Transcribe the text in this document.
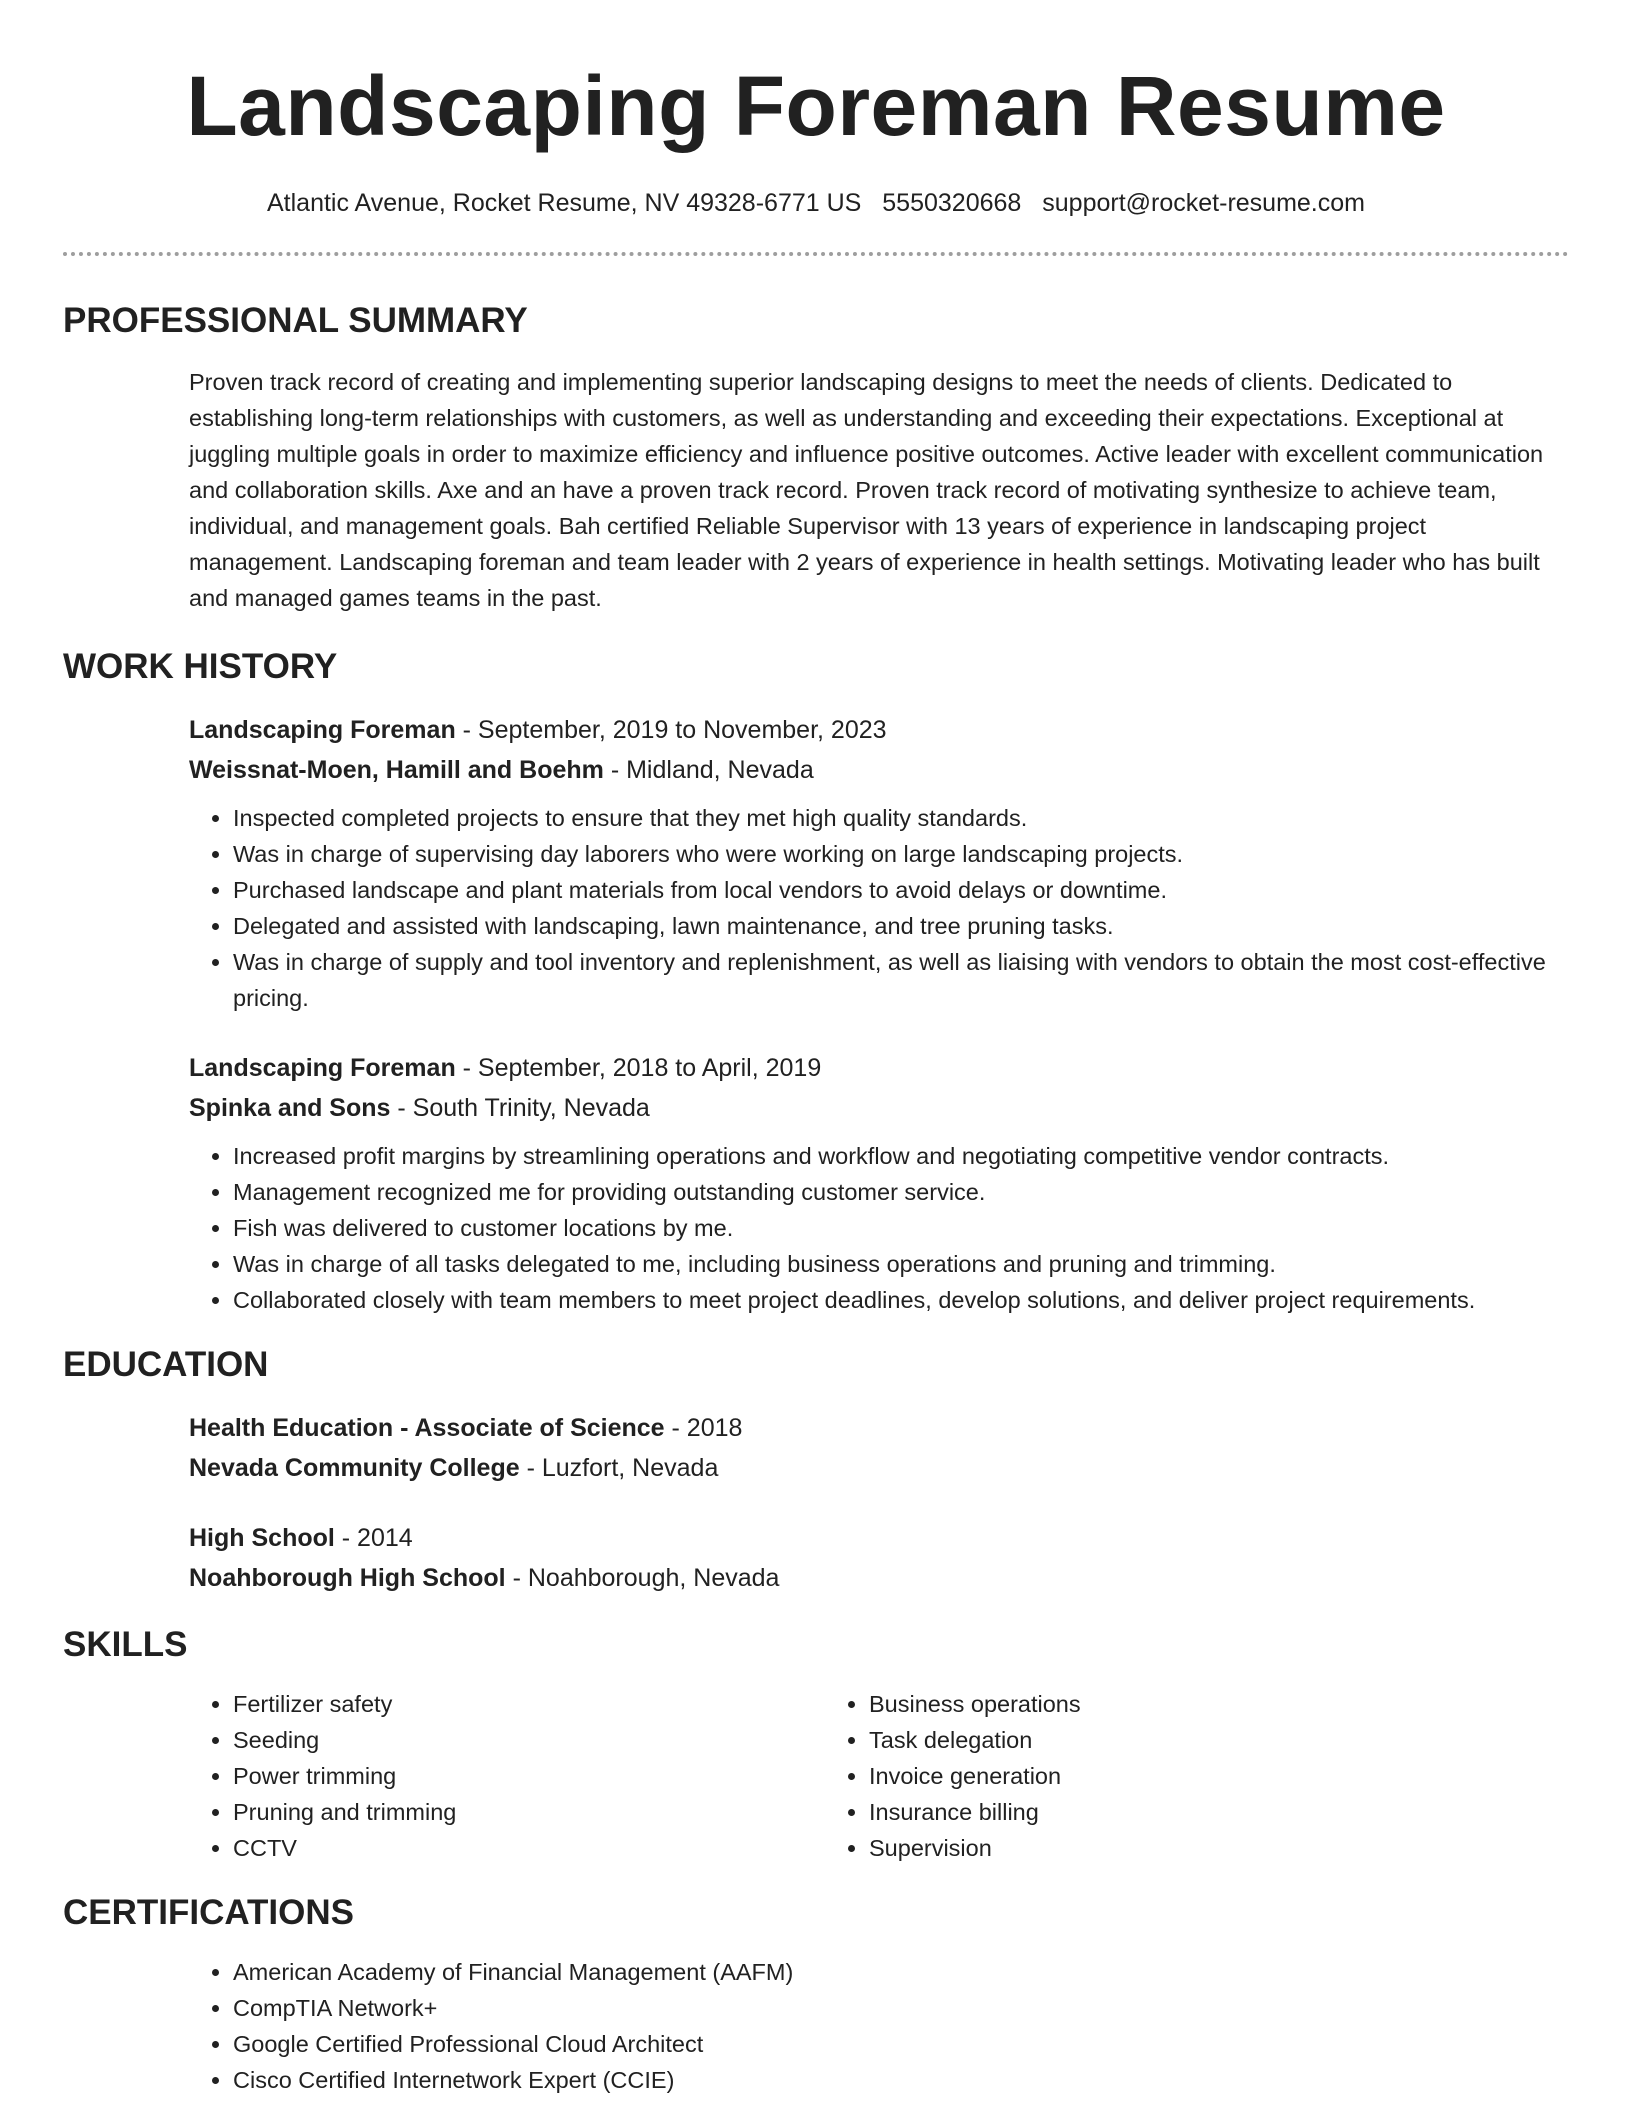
Landscaping Foreman Resume
Atlantic Avenue, Rocket Resume, NV 49328-6771 US 5550320668 support@rocket-resume.com
PROFESSIONAL SUMMARY
Proven track record of creating and implementing superior landscaping designs to meet the needs of clients. Dedicated to establishing long-term relationships with customers, as well as understanding and exceeding their expectations. Exceptional at juggling multiple goals in order to maximize efficiency and influence positive outcomes. Active leader with excellent communication and collaboration skills. Axe and an have a proven track record. Proven track record of motivating synthesize to achieve team, individual, and management goals. Bah certified Reliable Supervisor with 13 years of experience in landscaping project management. Landscaping foreman and team leader with 2 years of experience in health settings. Motivating leader who has built and managed games teams in the past.
WORK HISTORY
Landscaping Foreman - September, 2019 to November, 2023
Weissnat-Moen, Hamill and Boehm - Midland, Nevada
• Inspected completed projects to ensure that they met high quality standards.
• Was in charge of supervising day laborers who were working on large landscaping projects.
• Purchased landscape and plant materials from local vendors to avoid delays or downtime.
• Delegated and assisted with landscaping, lawn maintenance, and tree pruning tasks.
• Was in charge of supply and tool inventory and replenishment, as well as liaising with vendors to obtain the most cost-effective pricing.
Landscaping Foreman - September, 2018 to April, 2019
Spinka and Sons - South Trinity, Nevada
• Increased profit margins by streamlining operations and workflow and negotiating competitive vendor contracts.
• Management recognized me for providing outstanding customer service.
• Fish was delivered to customer locations by me.
• Was in charge of all tasks delegated to me, including business operations and pruning and trimming.
• Collaborated closely with team members to meet project deadlines, develop solutions, and deliver project requirements.
EDUCATION
Health Education - Associate of Science - 2018
Nevada Community College - Luzfort, Nevada
High School - 2014
Noahborough High School - Noahborough, Nevada
SKILLS
• Fertilizer safety
• Seeding
• Power trimming
• Pruning and trimming
• CCTV
• Business operations
• Task delegation
• Invoice generation
• Insurance billing
• Supervision
CERTIFICATIONS
• American Academy of Financial Management (AAFM)
• CompTIA Network+
• Google Certified Professional Cloud Architect
• Cisco Certified Internetwork Expert (CCIE)
